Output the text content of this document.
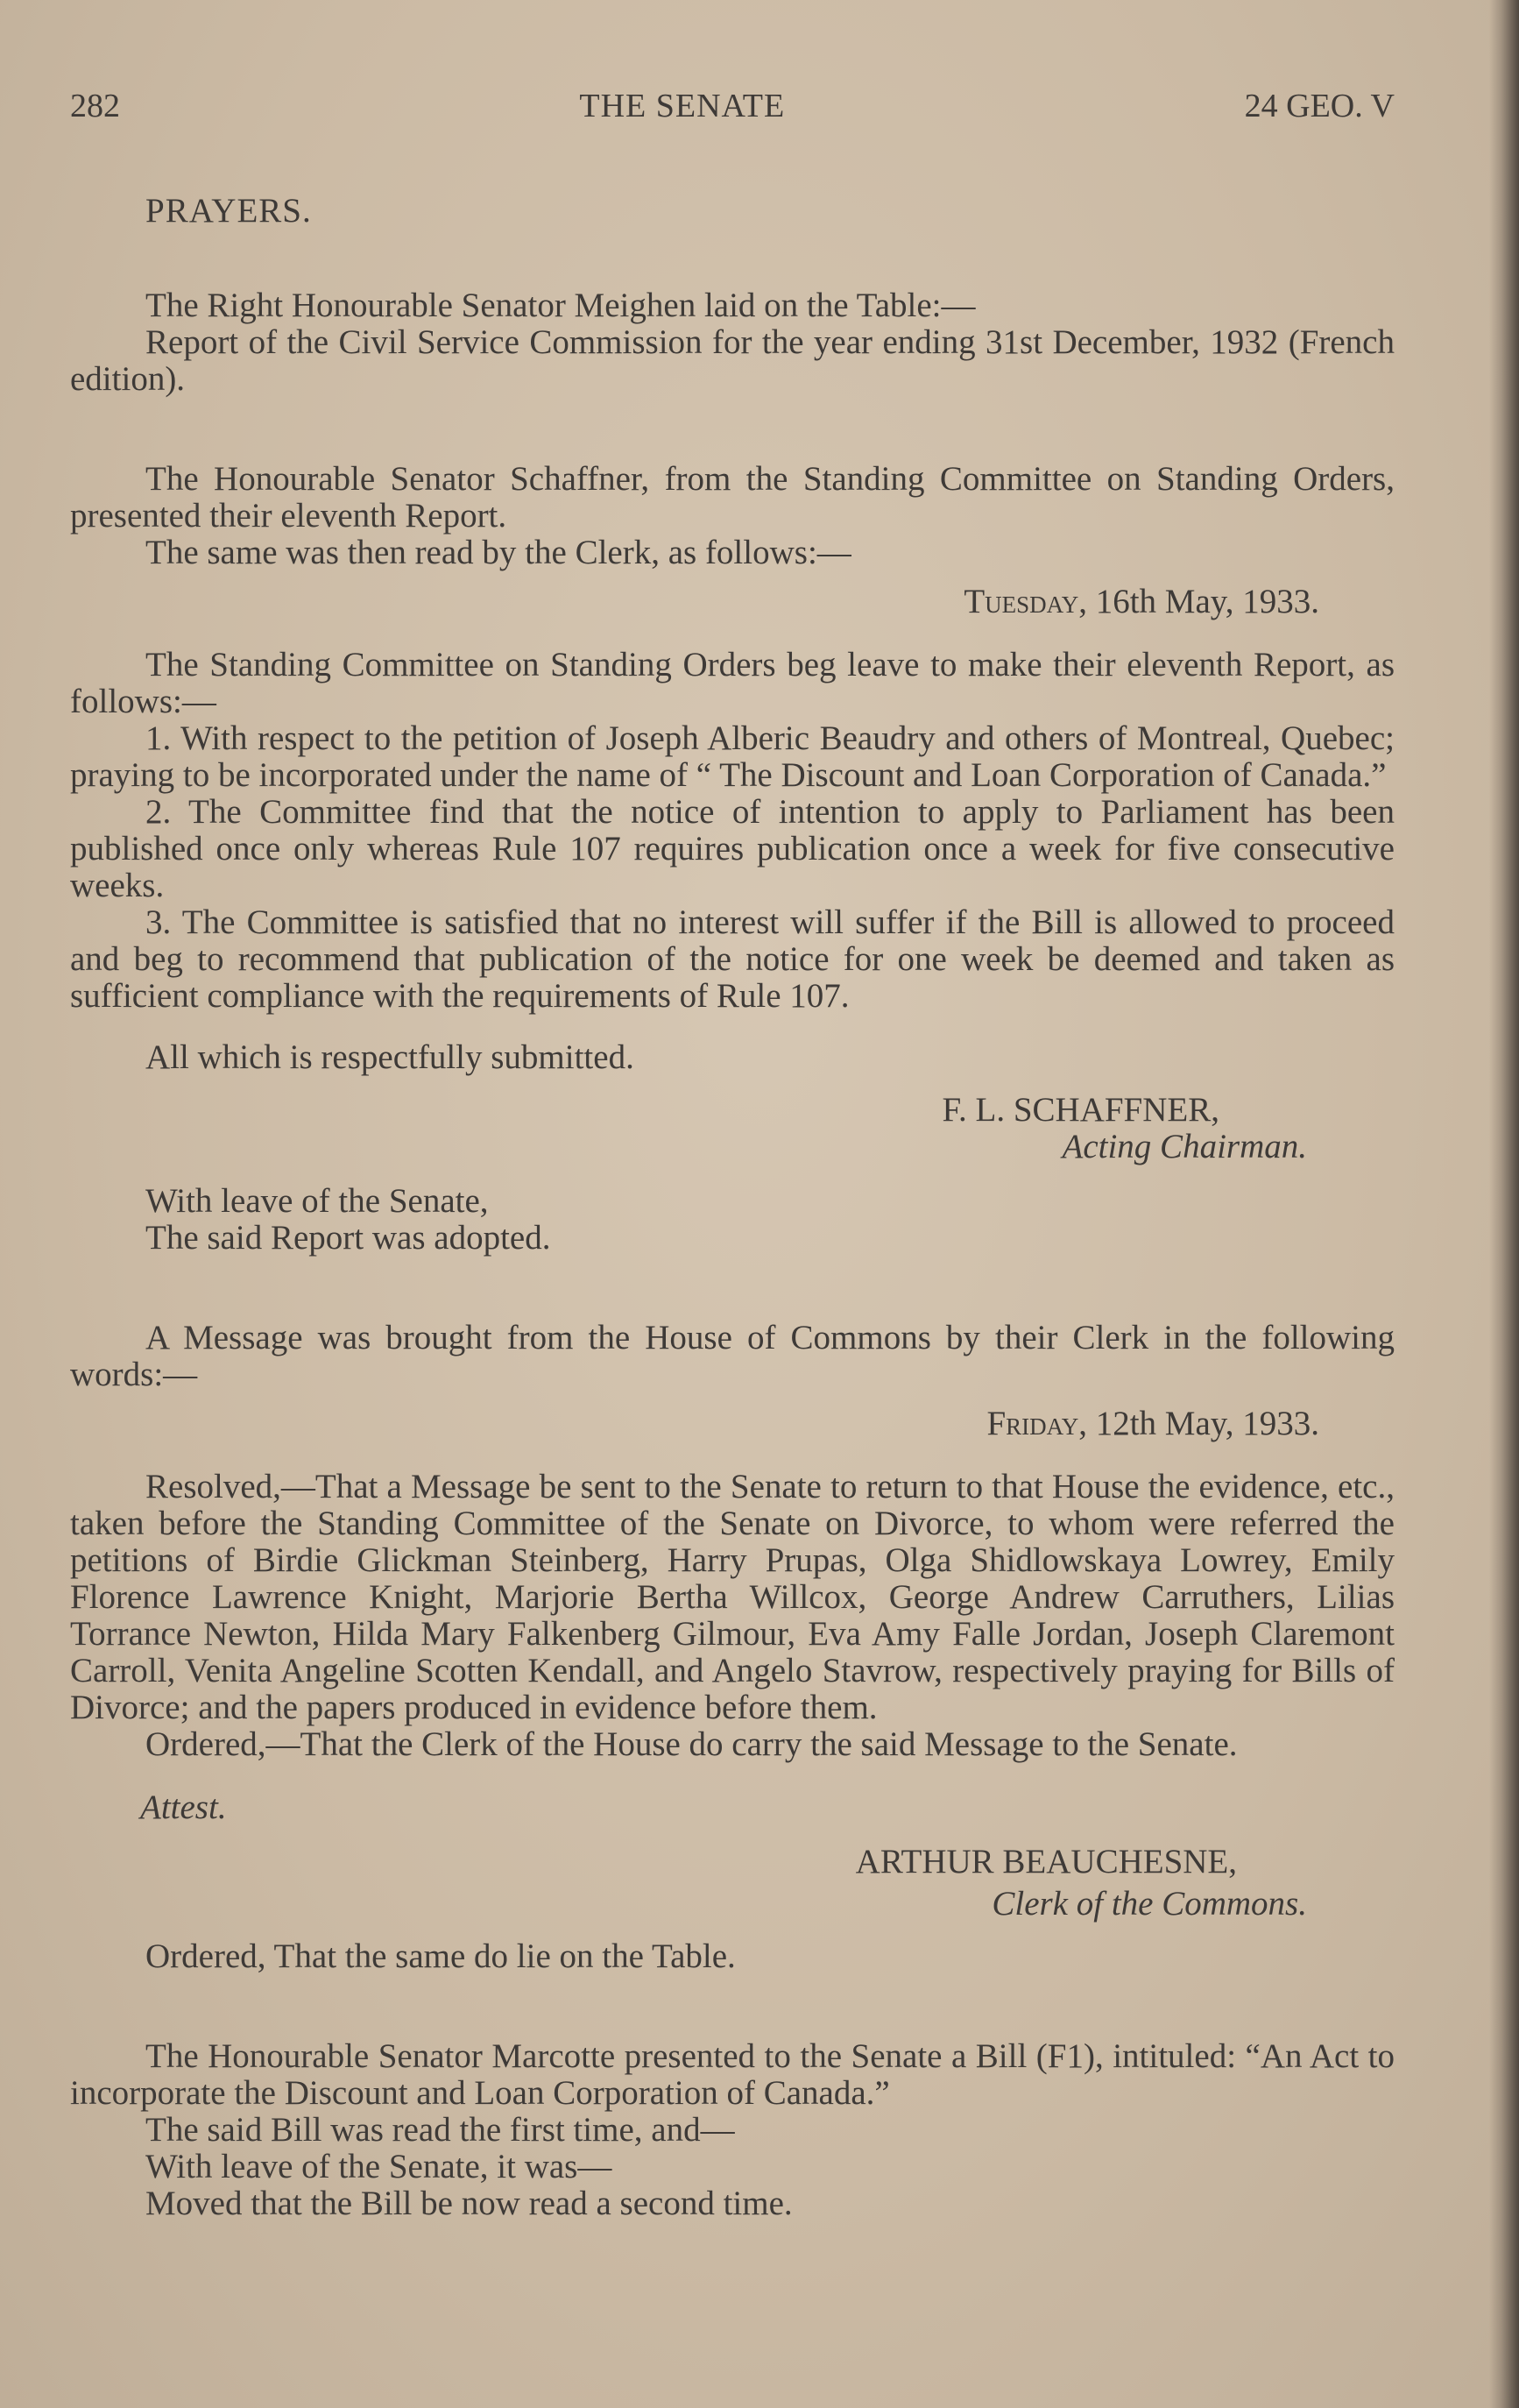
282	THE SENATE	24 GEO. V
PRAYERS.

The Right Honourable Senator Meighen laid on the Table:—

Report of the Civil Service Commission for the year ending 31st December, 1932 (French edition).

The Honourable Senator Schaffner, from the Standing Committee on Standing Orders, presented their eleventh Report.

The same was then read by the Clerk, as follows:—

Tuesday, 16th May, 1933.

The Standing Committee on Standing Orders beg leave to make their eleventh Report, as follows:—

1. With respect to the petition of Joseph Alberic Beaudry and others of Montreal, Quebec; praying to be incorporated under the name of “ The Discount and Loan Corporation of Canada.”

2. The Committee find that the notice of intention to apply to Parliament has been published once only whereas Rule 107 requires publication once a week for five consecutive weeks.

3. The Committee is satisfied that no interest will suffer if the Bill is allowed to proceed and beg to recommend that publication of the notice for one week be deemed and taken as sufficient compliance with the requirements of Rule 107.

All which is respectfully submitted.

F. L. SCHAFFNER,
Acting Chairman.

With leave of the Senate,

The said Report was adopted.

A Message was brought from the House of Commons by their Clerk in the following words:—

Friday, 12th May, 1933.

Resolved,—That a Message be sent to the Senate to return to that House the evidence, etc., taken before the Standing Committee of the Senate on Divorce, to whom were referred the petitions of Birdie Glickman Steinberg, Harry Prupas, Olga Shidlowskaya Lowrey, Emily Florence Lawrence Knight, Marjorie Bertha Willcox, George Andrew Carruthers, Lilias Torrance Newton, Hilda Mary Falkenberg Gilmour, Eva Amy Falle Jordan, Joseph Claremont Carroll, Venita Angeline Scotten Kendall, and Angelo Stavrow, respectively praying for Bills of Divorce; and the papers produced in evidence before them.

Ordered,—That the Clerk of the House do carry the said Message to the Senate.

Attest.
ARTHUR BEAUCHESNE,
Clerk of the Commons.

Ordered, That the same do lie on the Table.

The Honourable Senator Marcotte presented to the Senate a Bill (F1), intituled: “An Act to incorporate the Discount and Loan Corporation of Canada.”

The said Bill was read the first time, and—

With leave of the Senate, it was—

Moved that the Bill be now read a second time.
